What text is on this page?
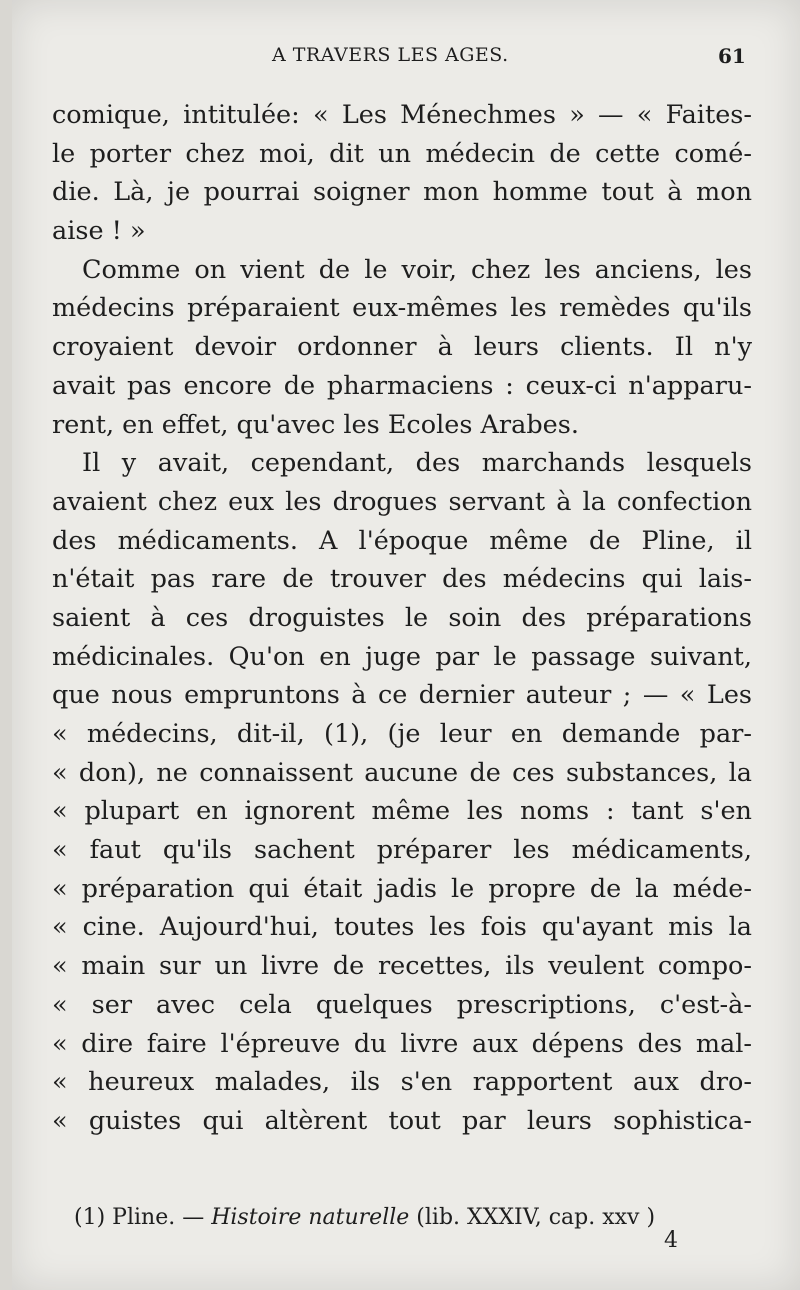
A TRAVERS LES AGES.	61
comique, intitulée: « Les Ménechmes » — « Faites-
le porter chez moi, dit un médecin de cette comé-
die. Là, je pourrai soigner mon homme tout à mon
aise ! »
Comme on vient de le voir, chez les anciens, les
médecins préparaient eux-mêmes les remèdes qu'ils
croyaient devoir ordonner à leurs clients. Il n'y
avait pas encore de pharmaciens : ceux-ci n'apparu-
rent, en effet, qu'avec les Ecoles Arabes.
Il y avait, cependant, des marchands lesquels
avaient chez eux les drogues servant à la confection
des médicaments. A l'époque même de Pline, il
n'était pas rare de trouver des médecins qui lais-
saient à ces droguistes le soin des préparations
médicinales. Qu'on en juge par le passage suivant,
que nous empruntons à ce dernier auteur ; — « Les
« médecins, dit-il, (1), (je leur en demande par-
« don), ne connaissent aucune de ces substances, la
« plupart en ignorent même les noms : tant s'en
« faut qu'ils sachent préparer les médicaments,
« préparation qui était jadis le propre de la méde-
« cine. Aujourd'hui, toutes les fois qu'ayant mis la
« main sur un livre de recettes, ils veulent compo-
« ser avec cela quelques prescriptions, c'est-à-
« dire faire l'épreuve du livre aux dépens des mal-
« heureux malades, ils s'en rapportent aux dro-
« guistes qui altèrent tout par leurs sophistica-
(1) Pline. — Histoire naturelle (lib. XXXIV, cap. xxv )
4
